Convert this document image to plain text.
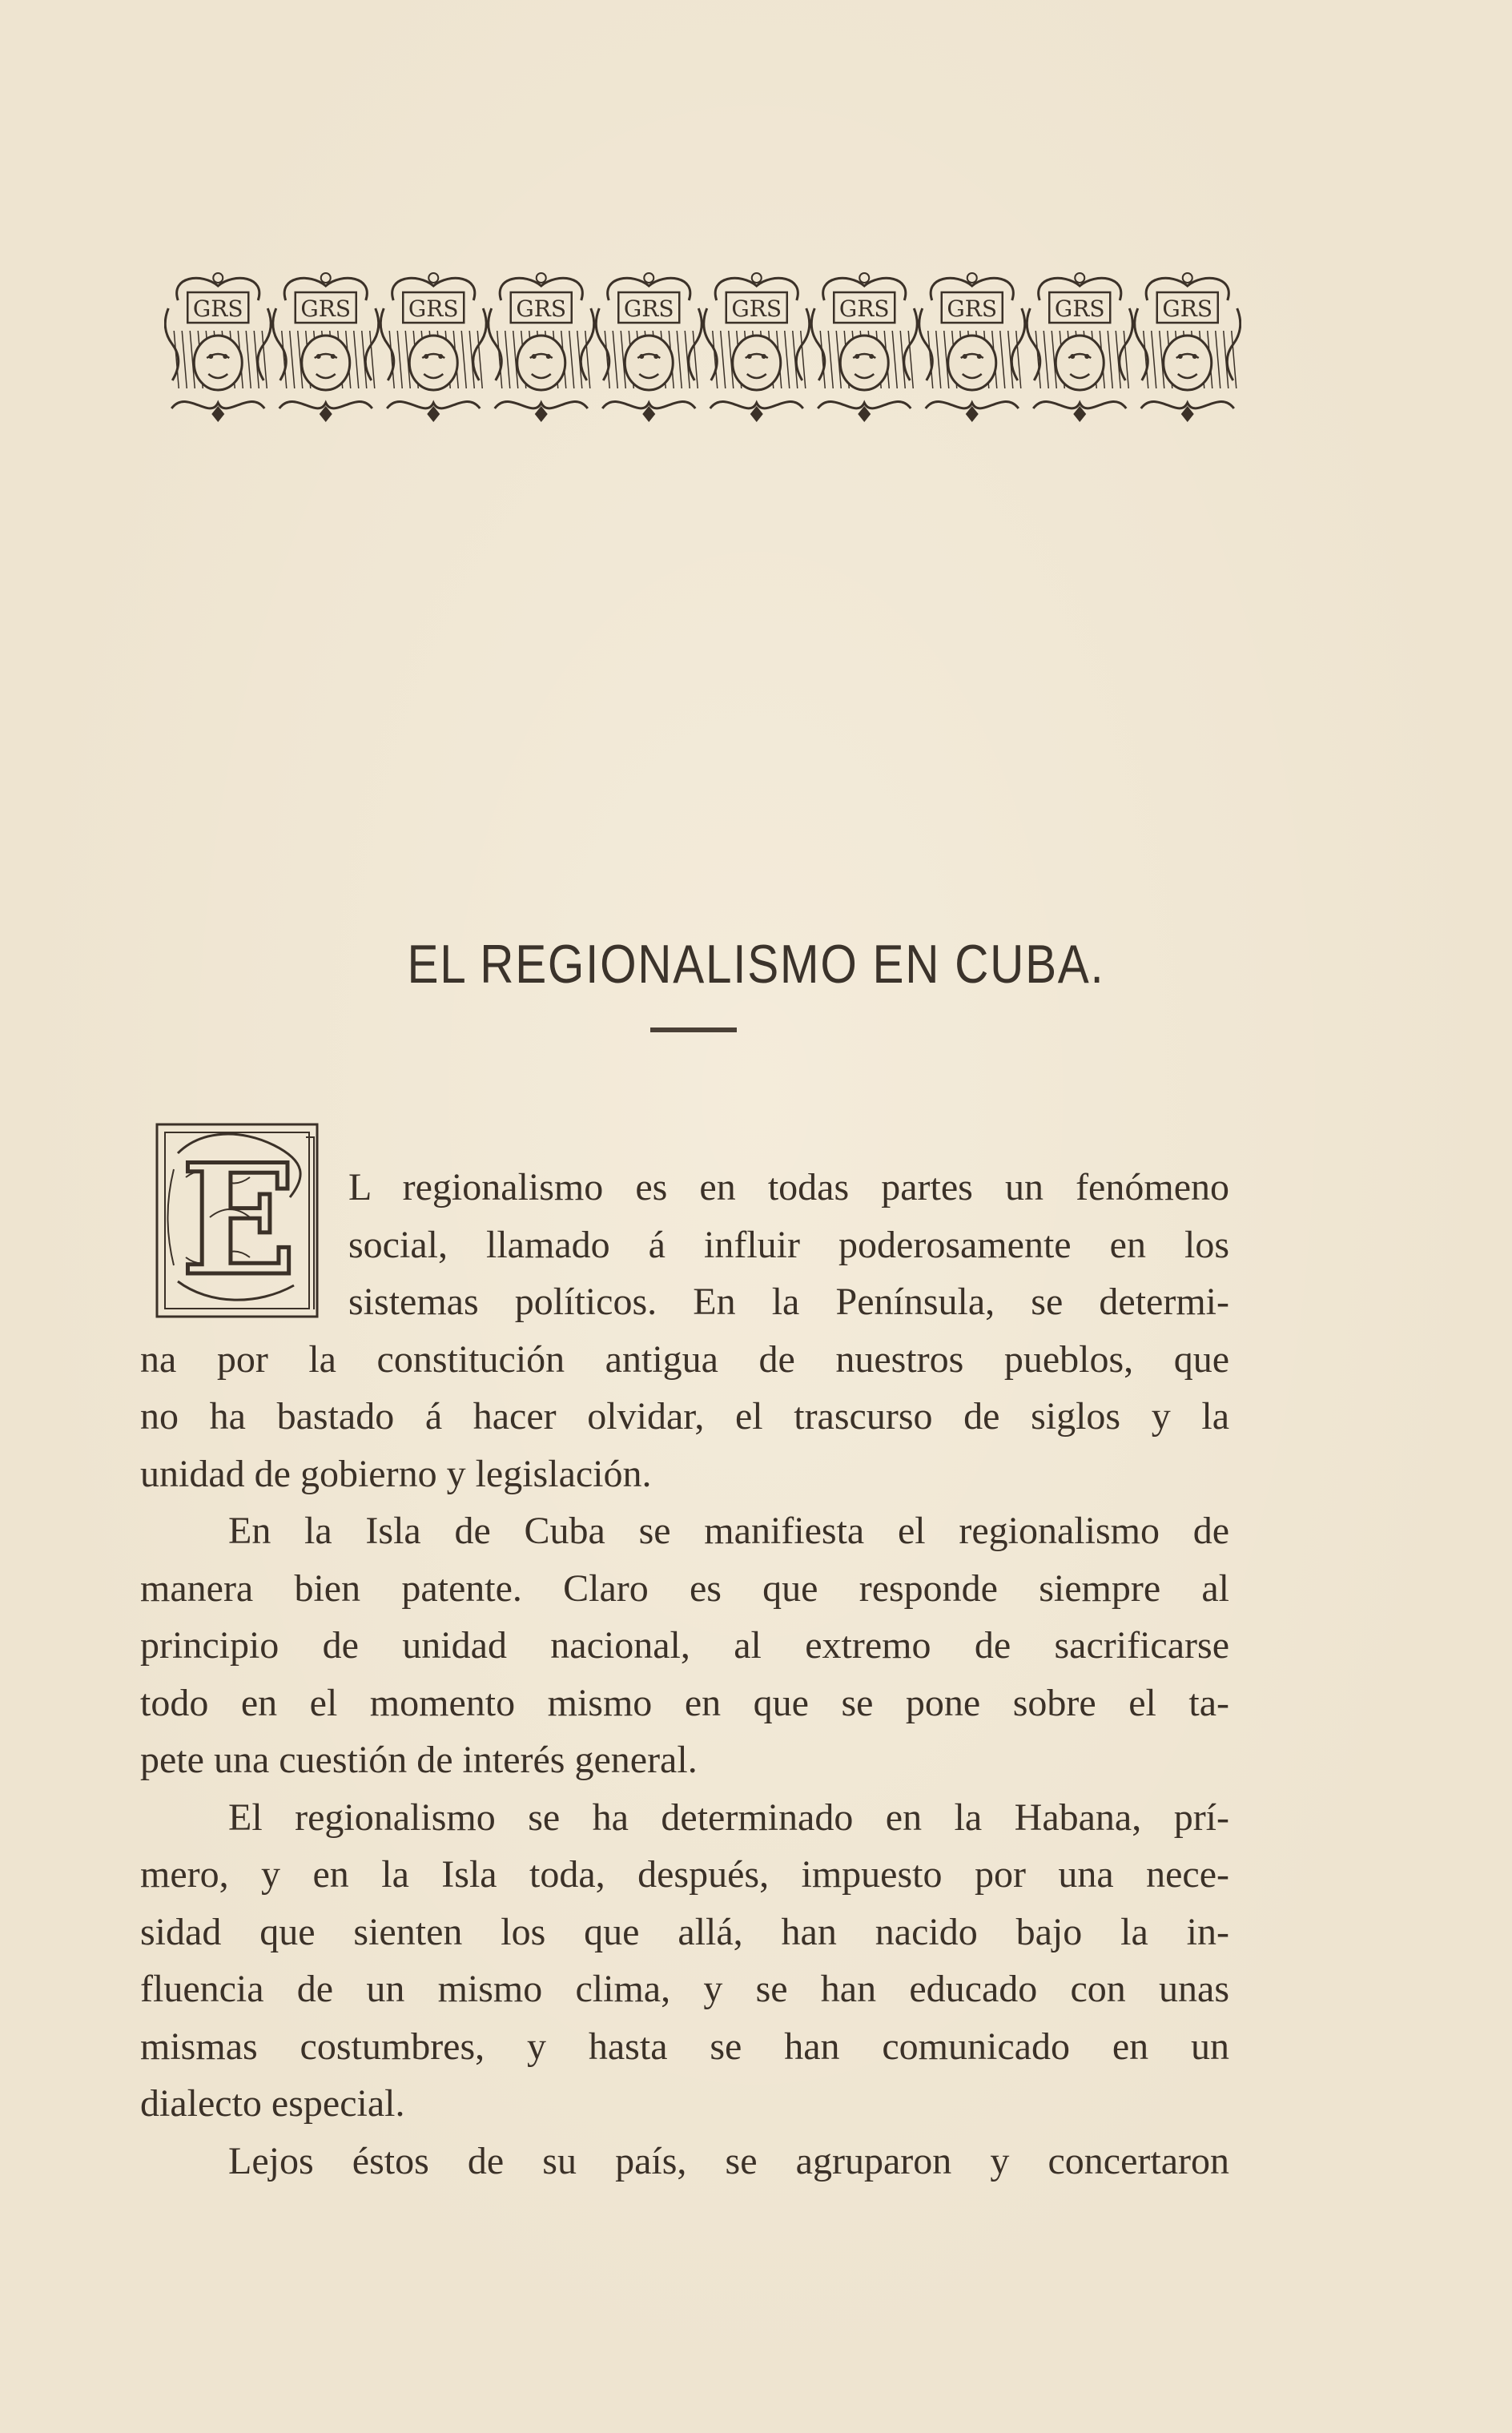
GRS	GRS	GRS	GRS	GRS	GRS	GRS	GRS	GRS	GRS
EL REGIONALISMO EN CUBA.
E	L regionalismo es en todas partes un fenómeno
social, llamado á influir poderosamente en los
sistemas políticos. En la Península, se determi-
na por la constitución antigua de nuestros pueblos, que
no ha bastado á hacer olvidar, el trascurso de siglos y la
unidad de gobierno y legislación.
En la Isla de Cuba se manifiesta el regionalismo de
manera bien patente. Claro es que responde siempre al
principio de unidad nacional, al extremo de sacrificarse
todo en el momento mismo en que se pone sobre el ta-
pete una cuestión de interés general.
El regionalismo se ha determinado en la Habana, prí-
mero, y en la Isla toda, después, impuesto por una nece-
sidad que sienten los que allá, han nacido bajo la in-
fluencia de un mismo clima, y se han educado con unas
mismas costumbres, y hasta se han comunicado en un
dialecto especial.
Lejos éstos de su país, se agruparon y concertaron
